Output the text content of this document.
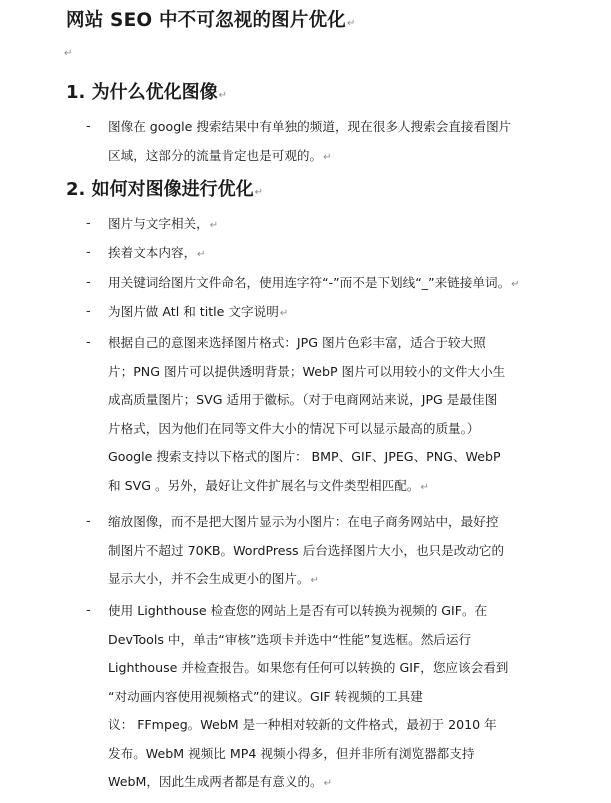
网站 SEO 中不可忽视的图片优化↵
↵
1. 为什么优化图像↵
- 图像在 google 搜索结果中有单独的频道，现在很多人搜索会直接看图片
区域，这部分的流量肯定也是可观的。↵
2. 如何对图像进行优化↵
- 图片与文字相关，↵
- 挨着文本内容，↵
- 用关键词给图片文件命名，使用连字符“-”而不是下划线“_”来链接单词。↵
- 为图片做 Atl 和 title 文字说明↵
- 根据自己的意图来选择图片格式：JPG 图片色彩丰富，适合于较大照
片；PNG 图片可以提供透明背景；WebP 图片可以用较小的文件大小生
成高质量图片；SVG 适用于徽标。（对于电商网站来说，JPG 是最佳图
片格式，因为他们在同等文件大小的情况下可以显示最高的质量。）
Google 搜索支持以下格式的图片： BMP、GIF、JPEG、PNG、WebP
和 SVG 。另外，最好让文件扩展名与文件类型相匹配。↵
- 缩放图像，而不是把大图片显示为小图片：在电子商务网站中，最好控
制图片不超过 70KB。WordPress 后台选择图片大小，也只是改动它的
显示大小，并不会生成更小的图片。↵
- 使用 Lighthouse 检查您的网站上是否有可以转换为视频的 GIF。在
DevTools 中，单击“审核”选项卡并选中“性能”复选框。然后运行
Lighthouse 并检查报告。如果您有任何可以转换的 GIF，您应该会看到
“对动画内容使用视频格式”的建议。GIF 转视频的工具建
议： FFmpeg。WebM 是一种相对较新的文件格式，最初于 2010 年
发布。WebM 视频比 MP4 视频小得多，但并非所有浏览器都支持
WebM，因此生成两者都是有意义的。↵
